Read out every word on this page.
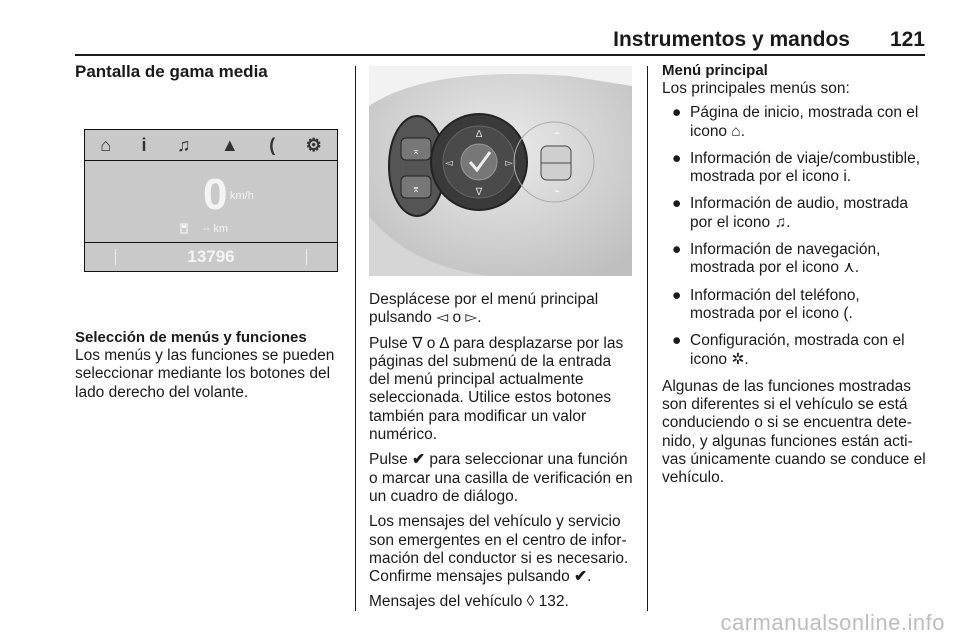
Instrumentos y mandos 121

Pantalla de gama media

⌂ i ♫ ▲ ( ⚙
0 km/h
-- km
13796

Selección de menús y funciones

Los menús y las funciones se pueden seleccionar mediante los botones del lado derecho del volante.

⌅
⌆
∆
∇
◅	▻
⌁
⌁

Desplácese por el menú principal pulsando ◅ o ▻.

Pulse ∇ o ∆ para desplazarse por las páginas del submenú de la entrada del menú principal actualmente seleccionada. Utilice estos botones también para modificar un valor numérico.

Pulse ✔ para seleccionar una función o marcar una casilla de verificación en un cuadro de diálogo.

Los mensajes del vehículo y servicio son emergentes en el centro de información del conductor si es necesario.

Confirme mensajes pulsando ✔.

Mensajes del vehículo ◊ 132.

Menú principal

Los principales menús son:

● Página de inicio, mostrada con el icono ⌂.
● Información de viaje/combustible, mostrada por el icono i.
● Información de audio, mostrada por el icono ♫.
● Información de navegación, mostrada por el icono ⋏.
● Información del teléfono, mostrada por el icono (.
● Configuración, mostrada con el icono ✲.

Algunas de las funciones mostradas son diferentes si el vehículo se está conduciendo o si se encuentra detenido, y algunas funciones están activas únicamente cuando se conduce el vehículo.

carmanualsonline.info
